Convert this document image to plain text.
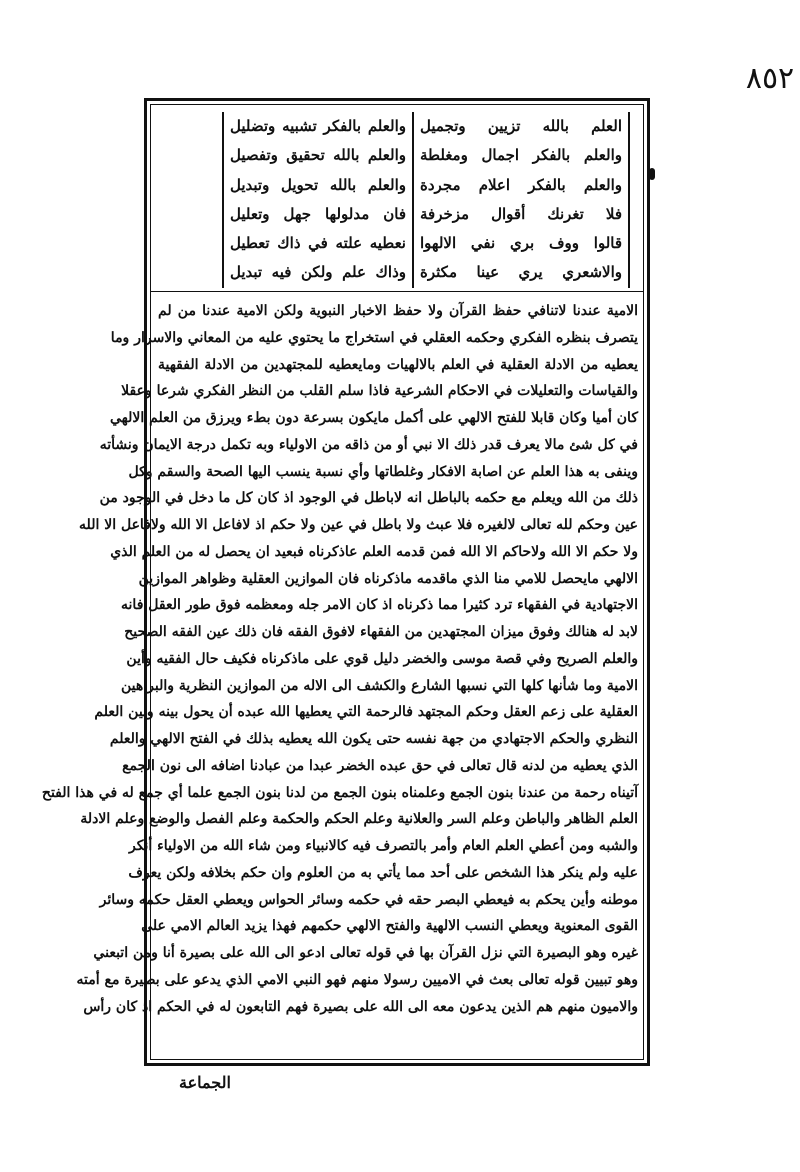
٨٥٢
العلم بالله تزيين وتجميل
والعلم بالفكر اجمال ومغلطة
والعلم بالفكر اعلام مجردة
فلا تغرنك أقوال مزخرفة
قالوا ووف بري نفي الالهوا
والاشعري يري عينا مكثرة
والعلم بالفكر تشبيه وتضليل
والعلم بالله تحقيق وتفصيل
والعلم بالله تحويل وتبديل
فان مدلولها جهل وتعليل
نعطيه علته في ذاك تعطيل
وذاك علم ولكن فيه تبديل
الامية عندنا لاتنافي حفظ القرآن ولا حفظ الاخبار النبوية ولكن الامية عندنا من لم
يتصرف بنظره الفكري وحكمه العقلي في استخراج ما يحتوي عليه من المعاني والاسرار وما
يعطيه من الادلة العقلية في العلم بالالهيات ومايعطيه للمجتهدين من الادلة الفقهية
والقياسات والتعليلات في الاحكام الشرعية فاذا سلم القلب من النظر الفكري شرعا وعقلا
كان أميا وكان قابلا للفتح الالهي على أكمل مايكون بسرعة دون بطء ويرزق من العلم الالهي
في كل شئ مالا يعرف قدر ذلك الا نبي أو من ذاقه من الاولياء وبه تكمل درجة الايمان ونشأته
وينفى به هذا العلم عن اصابة الافكار وغلطاتها وأي نسبة ينسب اليها الصحة والسقم وكل
ذلك من الله ويعلم مع حكمه بالباطل انه لاباطل في الوجود اذ كان كل ما دخل في الوجود من
عين وحكم لله تعالى لالغيره فلا عبث ولا باطل في عين ولا حكم اذ لافاعل الا الله ولافاعل الا الله
ولا حكم الا الله ولاحاكم الا الله فمن قدمه العلم عاذكرناه فبعيد ان يحصل له من العلم الذي
الالهي مايحصل للامي منا الذي ماقدمه ماذكرناه فان الموازين العقلية وظواهر الموازين
الاجتهادية في الفقهاء ترد كثيرا مما ذكرناه اذ كان الامر جله ومعظمه فوق طور العقل فانه
لابد له هنالك وفوق ميزان المجتهدين من الفقهاء لافوق الفقه فان ذلك عين الفقه الصحيح
والعلم الصريح وفي قصة موسى والخضر دليل قوي على ماذكرناه فكيف حال الفقيه وأين
الامية وما شأنها كلها التي نسبها الشارع والكشف الى الاله من الموازين النظرية والبراهين
العقلية على زعم العقل وحكم المجتهد فالرحمة التي يعطيها الله عبده أن يحول بينه وبين العلم
النظري والحكم الاجتهادي من جهة نفسه حتى يكون الله يعطيه بذلك في الفتح الالهي والعلم
الذي يعطيه من لدنه قال تعالى في حق عبده الخضر عبدا من عبادنا اضافه الى نون الجمع
آتيناه رحمة من عندنا بنون الجمع وعلمناه بنون الجمع من لدنا بنون الجمع علما أي جمع له في هذا الفتح
العلم الظاهر والباطن وعلم السر والعلانية وعلم الحكم والحكمة وعلم الفصل والوضع وعلم الادلة
والشبه ومن أعطي العلم العام وأمر بالتصرف فيه كالانبياء ومن شاء الله من الاولياء أنكر
عليه ولم ينكر هذا الشخص على أحد مما يأتي به من العلوم وان حكم بخلافه ولكن يعرف
موطنه وأين يحكم به فيعطي البصر حقه في حكمه وسائر الحواس ويعطي العقل حكمه وسائر
القوى المعنوية ويعطي النسب الالهية والفتح الالهي حكمهم فهذا يزيد العالم الامي على
غيره وهو البصيرة التي نزل القرآن بها في قوله تعالى ادعو الى الله على بصيرة أنا ومن اتبعني
وهو تبيين قوله تعالى بعث في الاميين رسولا منهم فهو النبي الامي الذي يدعو على بصيرة مع أمته
والاميون منهم هم الذين يدعون معه الى الله على بصيرة فهم التابعون له في الحكم اذ كان رأس
الجماعة
